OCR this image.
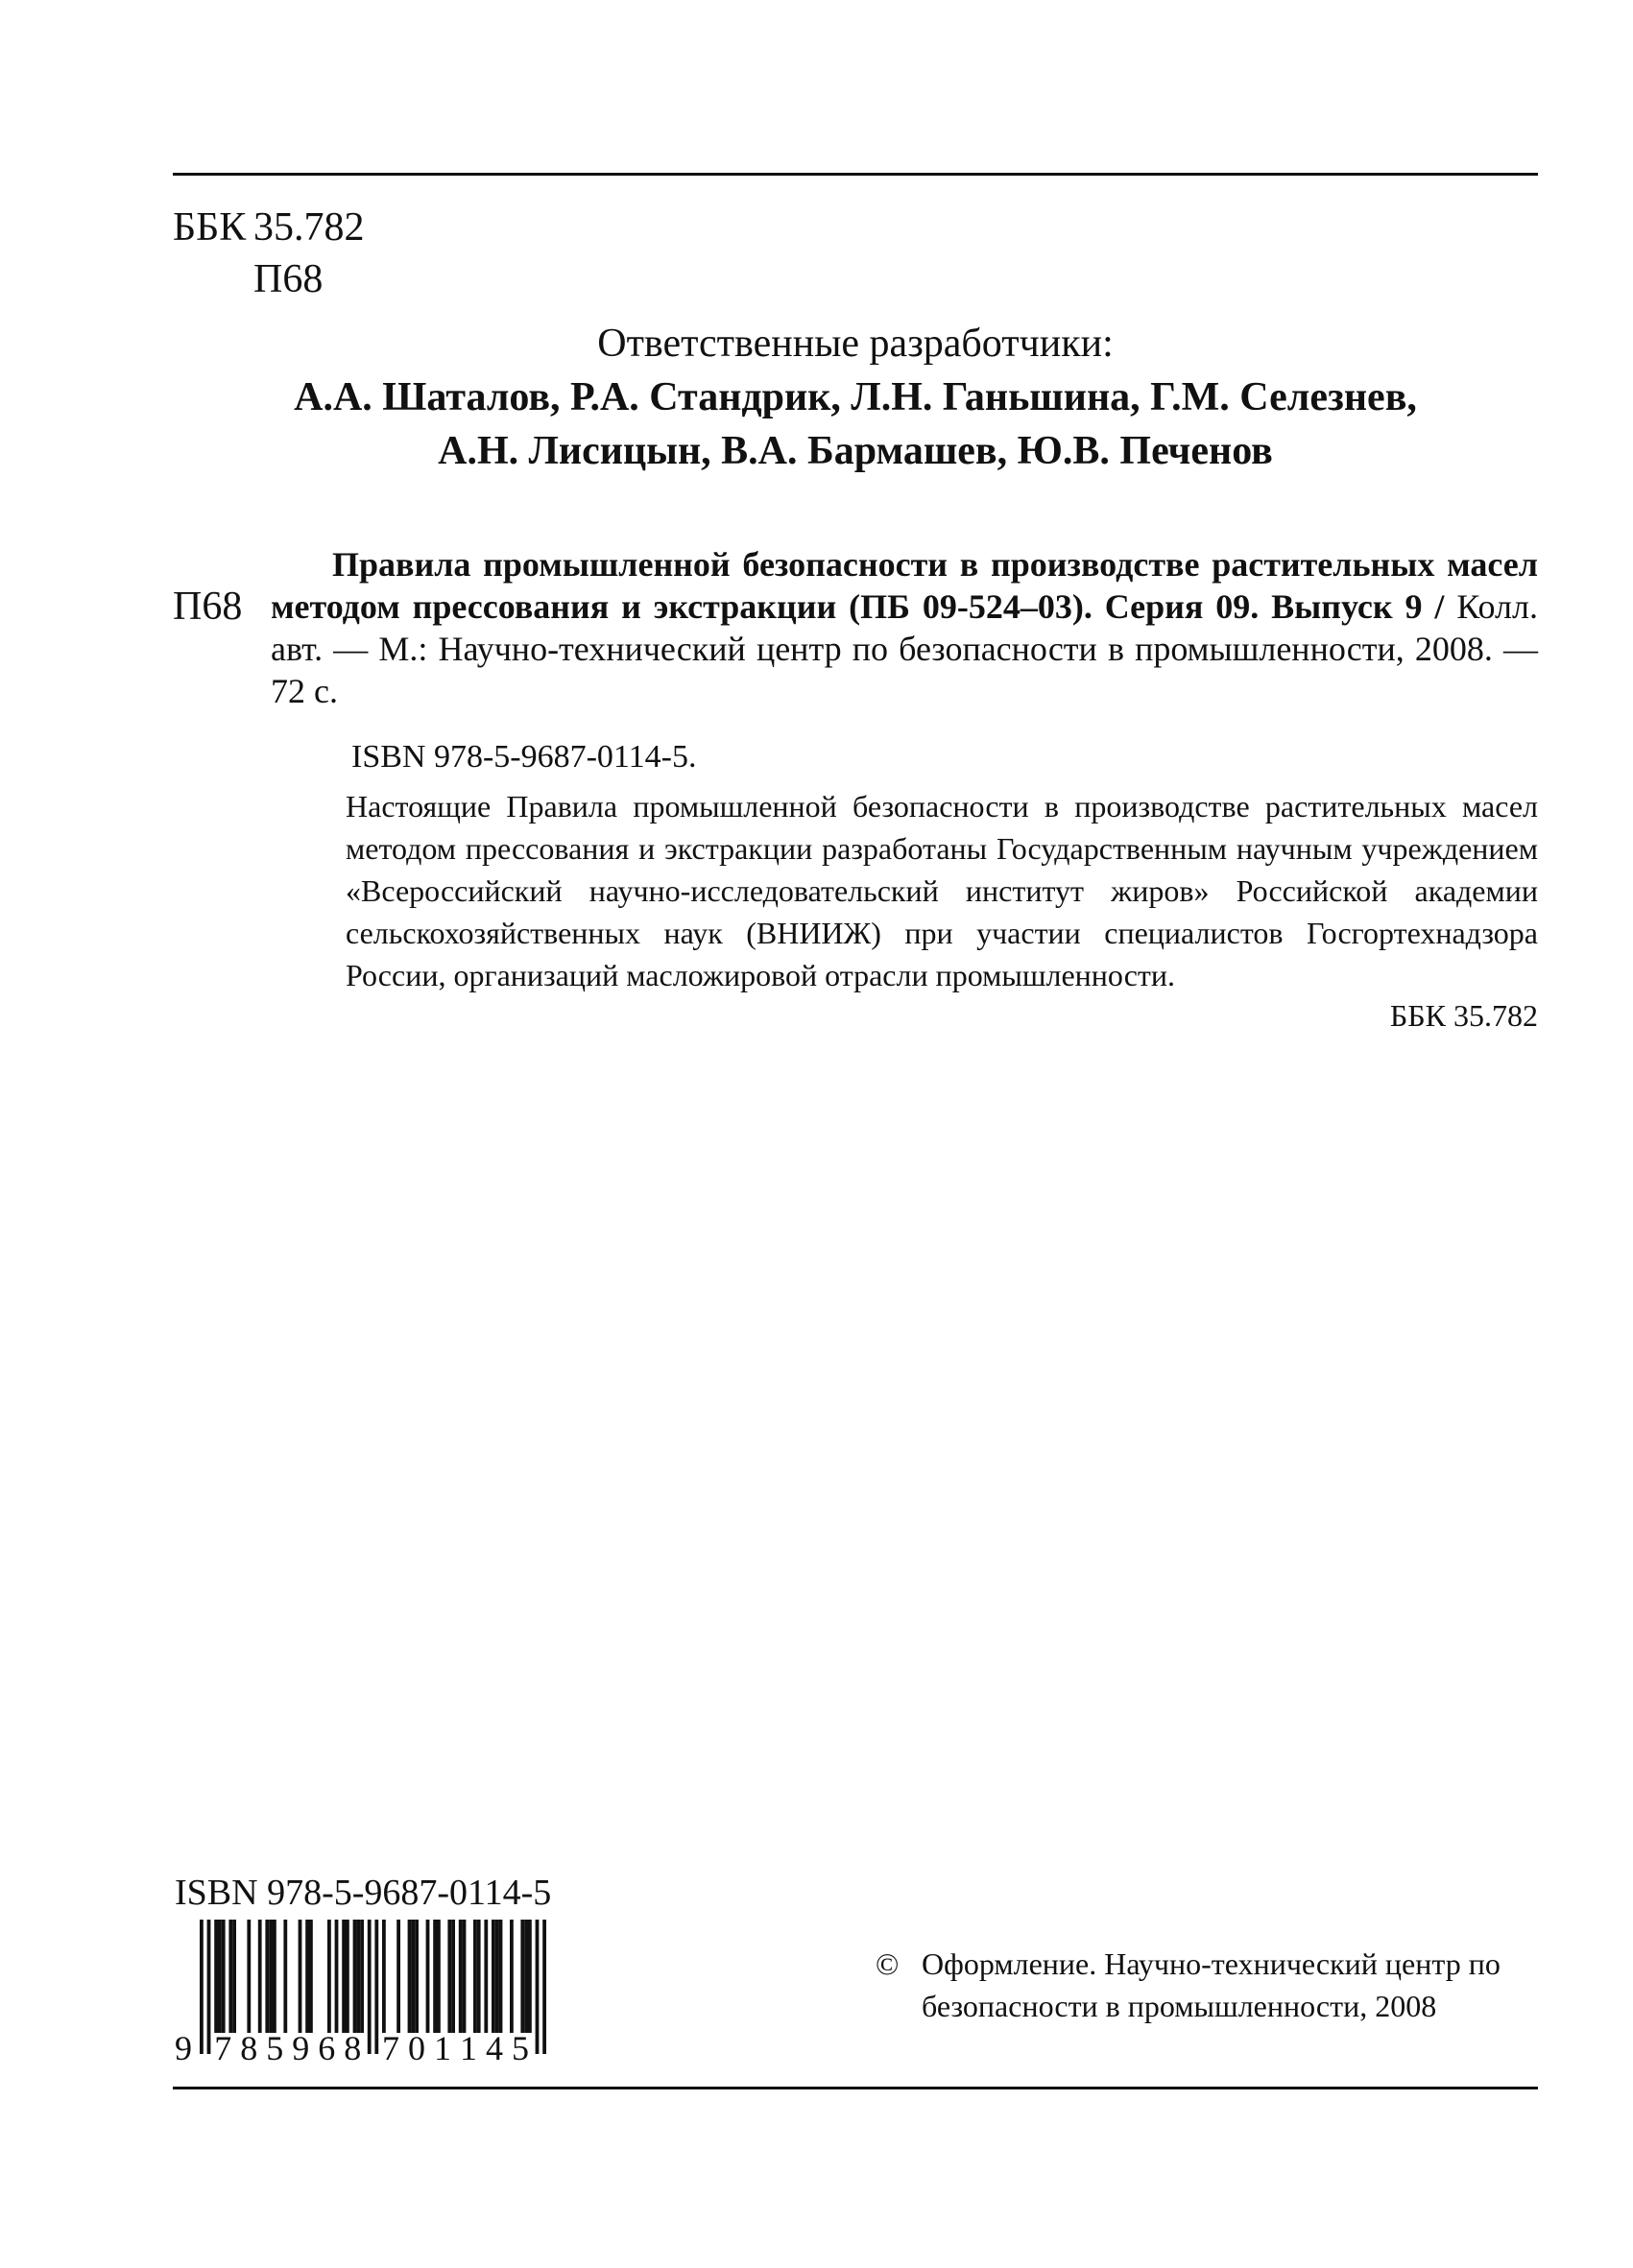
ББК 35.782
П68
Ответственные разработчики:
А.А. Шаталов, Р.А. Стандрик, Л.Н. Ганьшина, Г.М. Селезнев,
А.Н. Лисицын, В.А. Бармашев, Ю.В. Печенов
П68
Правила промышленной безопасности в производстве растительных масел методом прессования и экстракции (ПБ 09-524–03). Серия 09. Выпуск 9 / Колл. авт. — М.: Научно-технический центр по безопасности в промышленности, 2008. — 72 с.
ISBN 978-5-9687-0114-5.
Настоящие Правила промышленной безопасности в производстве растительных масел методом прессования и экстракции разработаны Государственным научным учреждением «Всероссийский научно-исследовательский институт жиров» Российской академии сельскохозяйственных наук (ВНИИЖ) при участии специалистов Госгортехнадзора России, организаций масложировой отрасли промышленности.
ББК 35.782
ISBN 978-5-9687-0114-5
9 7 8 5 9 6 8 7 0 1 1 4 5
© Оформление. Научно-технический центр по безопасности в промышленности, 2008
